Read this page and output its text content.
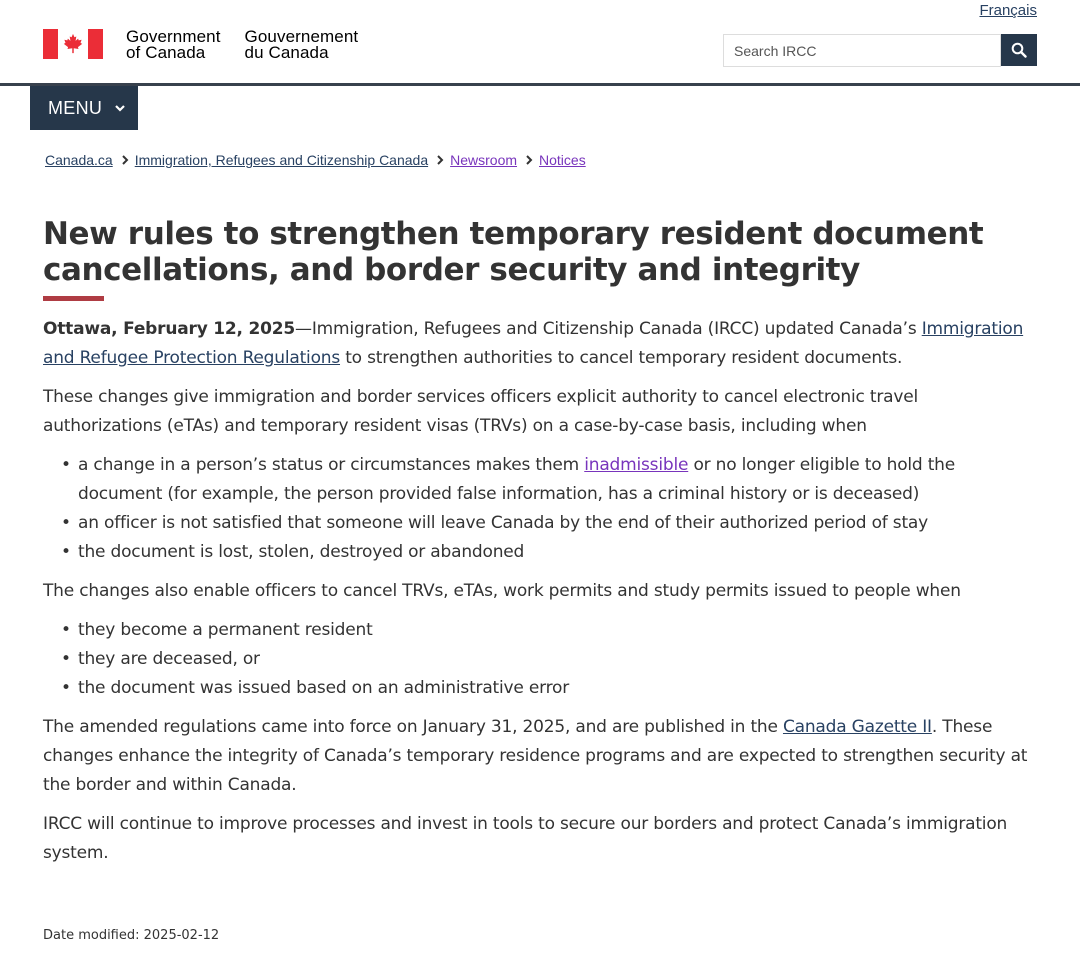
Français
Government
of Canada
Gouvernement
du Canada
Search IRCC
MENU
Canada.ca Immigration, Refugees and Citizenship Canada Newsroom Notices
New rules to strengthen temporary resident document cancellations, and border security and integrity

Ottawa, February 12, 2025—Immigration, Refugees and Citizenship Canada (IRCC) updated Canada’s Immigration and Refugee Protection Regulations to strengthen authorities to cancel temporary resident documents.

These changes give immigration and border services officers explicit authority to cancel electronic travel authorizations (eTAs) and temporary resident visas (TRVs) on a case-by-case basis, including when

• a change in a person’s status or circumstances makes them inadmissible or no longer eligible to hold the document (for example, the person provided false information, has a criminal history or is deceased)
• an officer is not satisfied that someone will leave Canada by the end of their authorized period of stay
• the document is lost, stolen, destroyed or abandoned

The changes also enable officers to cancel TRVs, eTAs, work permits and study permits issued to people when

• they become a permanent resident
• they are deceased, or
• the document was issued based on an administrative error

The amended regulations came into force on January 31, 2025, and are published in the Canada Gazette II. These changes enhance the integrity of Canada’s temporary residence programs and are expected to strengthen security at the border and within Canada.

IRCC will continue to improve processes and invest in tools to secure our borders and protect Canada’s immigration system.

Date modified: 2025-02-12
